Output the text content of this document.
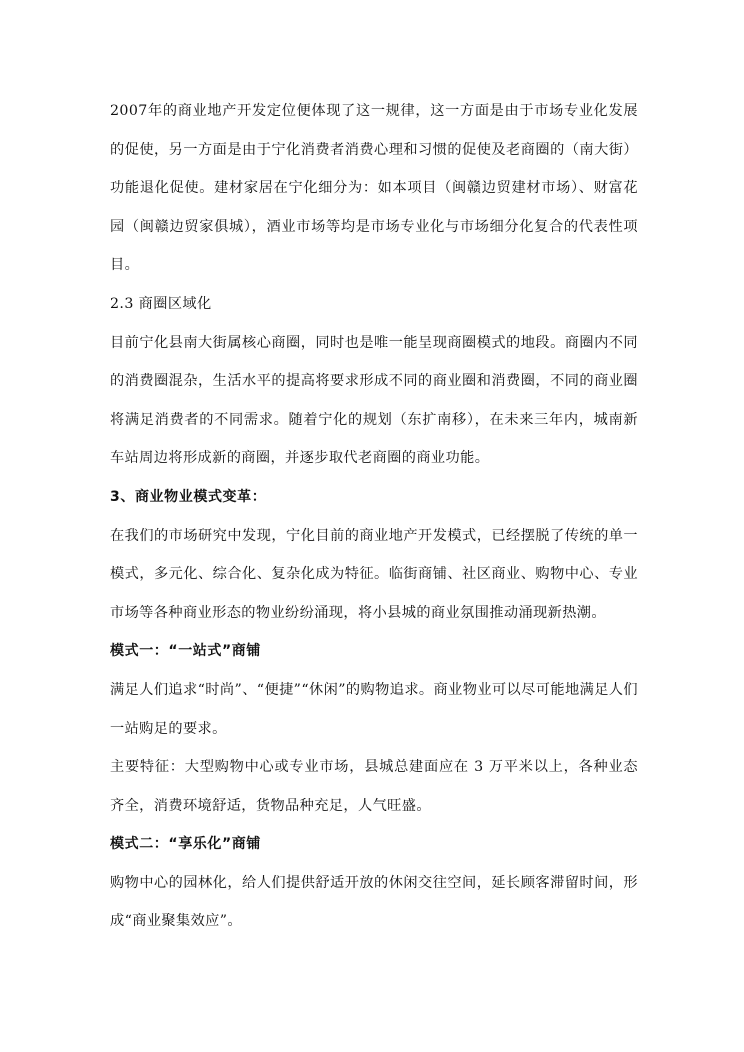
2007年的商业地产开发定位便体现了这一规律，这一方面是由于市场专业化发展的促使，另一方面是由于宁化消费者消费心理和习惯的促使及老商圈的（南大街）功能退化促使。建材家居在宁化细分为：如本项目（闽赣边贸建材市场）、财富花园（闽赣边贸家俱城），酒业市场等均是市场专业化与市场细分化复合的代表性项目。

2.3 商圈区域化

目前宁化县南大街属核心商圈，同时也是唯一能呈现商圈模式的地段。商圈内不同的消费圈混杂，生活水平的提高将要求形成不同的商业圈和消费圈，不同的商业圈将满足消费者的不同需求。随着宁化的规划（东扩南移），在未来三年内，城南新车站周边将形成新的商圈，并逐步取代老商圈的商业功能。

3、商业物业模式变革：

在我们的市场研究中发现，宁化目前的商业地产开发模式，已经摆脱了传统的单一模式，多元化、综合化、复杂化成为特征。临街商铺、社区商业、购物中心、专业市场等各种商业形态的物业纷纷涌现，将小县城的商业氛围推动涌现新热潮。

模式一：“一站式”商铺

满足人们追求“时尚”、“便捷”“休闲”的购物追求。商业物业可以尽可能地满足人们一站购足的要求。

主要特征：大型购物中心或专业市场，县城总建面应在 3 万平米以上，各种业态齐全，消费环境舒适，货物品种充足，人气旺盛。

模式二：“享乐化”商铺

购物中心的园林化，给人们提供舒适开放的休闲交往空间，延长顾客滞留时间，形成“商业聚集效应”。
